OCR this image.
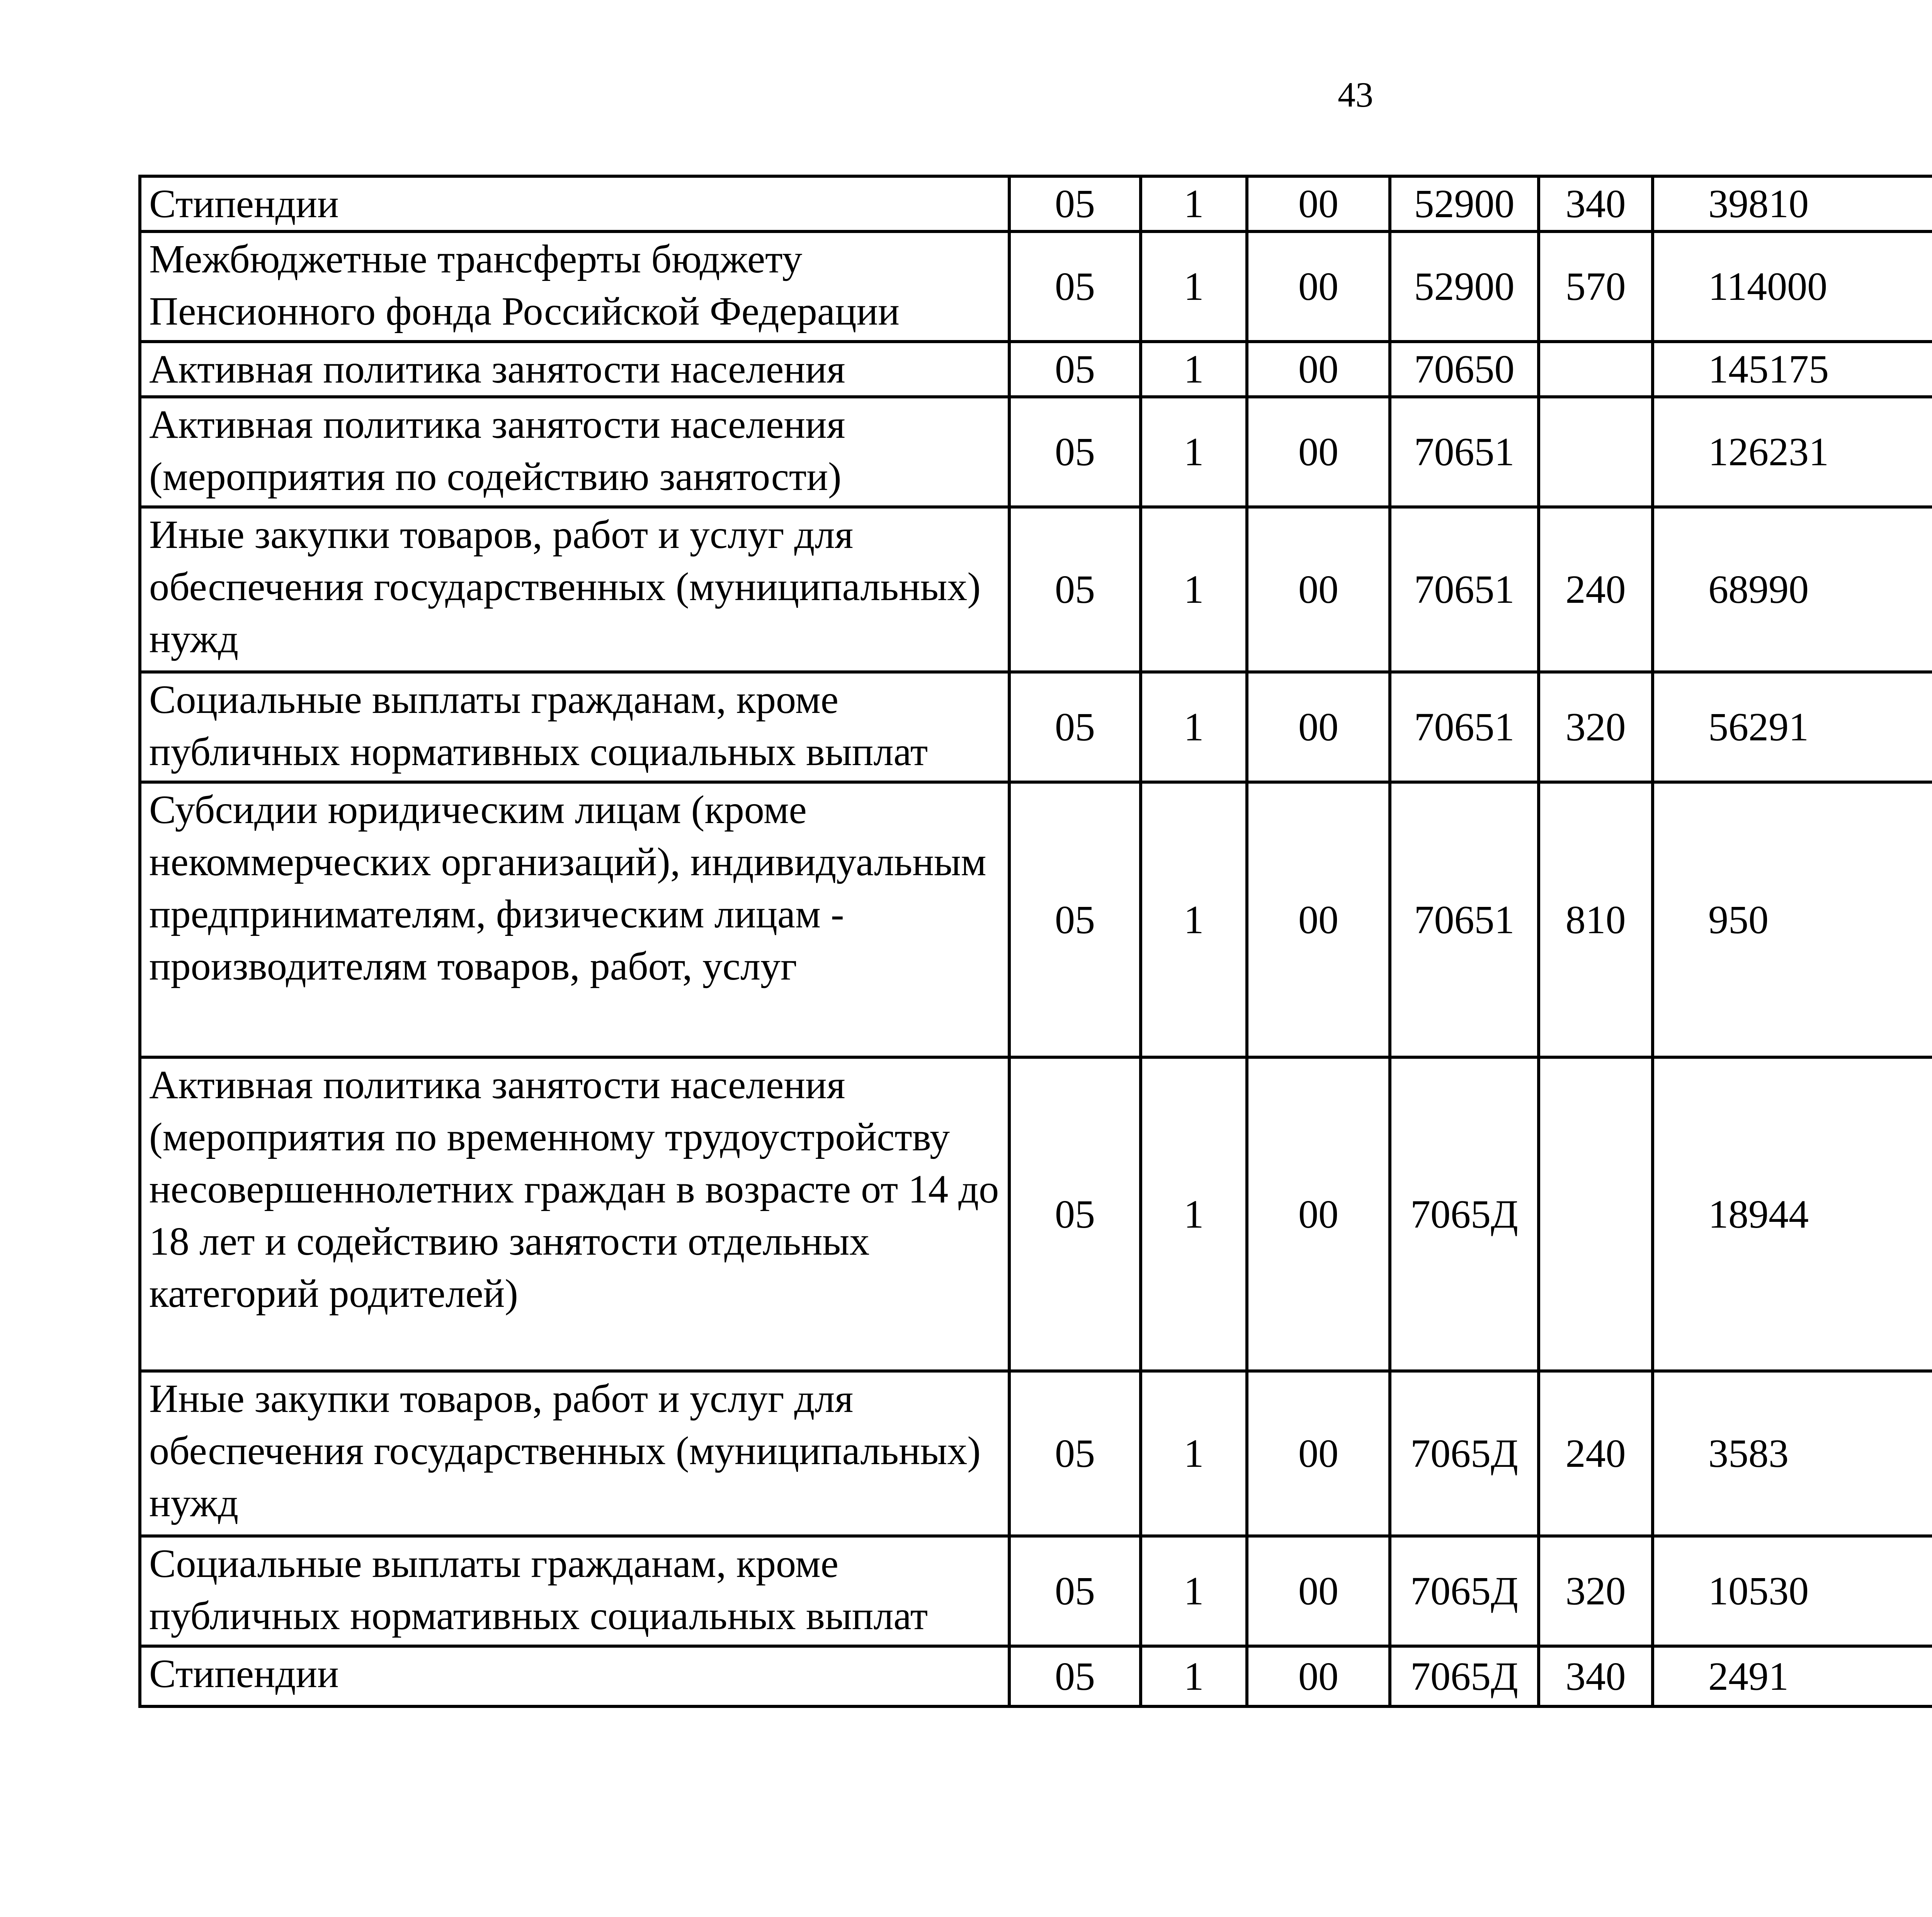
43
Стипендии	05	1	00	52900	340	39810		
Межбюджетные трансферты бюджету Пенсионного фонда Российской Федерации	05	1	00	52900	570	114000		
Активная политика занятости населения	05	1	00	70650		145175		
Активная политика занятости населения (мероприятия по содействию занятости)	05	1	00	70651		126231		
Иные закупки товаров, работ и услуг для обеспечения государственных (муниципальных) нужд	05	1	00	70651	240	68990		
Социальные выплаты гражданам, кроме публичных нормативных социальных выплат	05	1	00	70651	320	56291		
Субсидии юридическим лицам (кроме некоммерческих организаций), индивидуальным предпринимателям, физическим лицам - производителям товаров, работ, услуг	05	1	00	70651	810	950		
Активная политика занятости населения (мероприятия по временному трудоустройству несовершеннолетних граждан в возрасте от 14 до 18 лет и содействию занятости отдельных категорий родителей)	05	1	00	7065Д		18944		
Иные закупки товаров, работ и услуг для обеспечения государственных (муниципальных) нужд	05	1	00	7065Д	240	3583		
Социальные выплаты гражданам, кроме публичных нормативных социальных выплат	05	1	00	7065Д	320	10530		
Стипендии	05	1	00	7065Д	340	2491		
